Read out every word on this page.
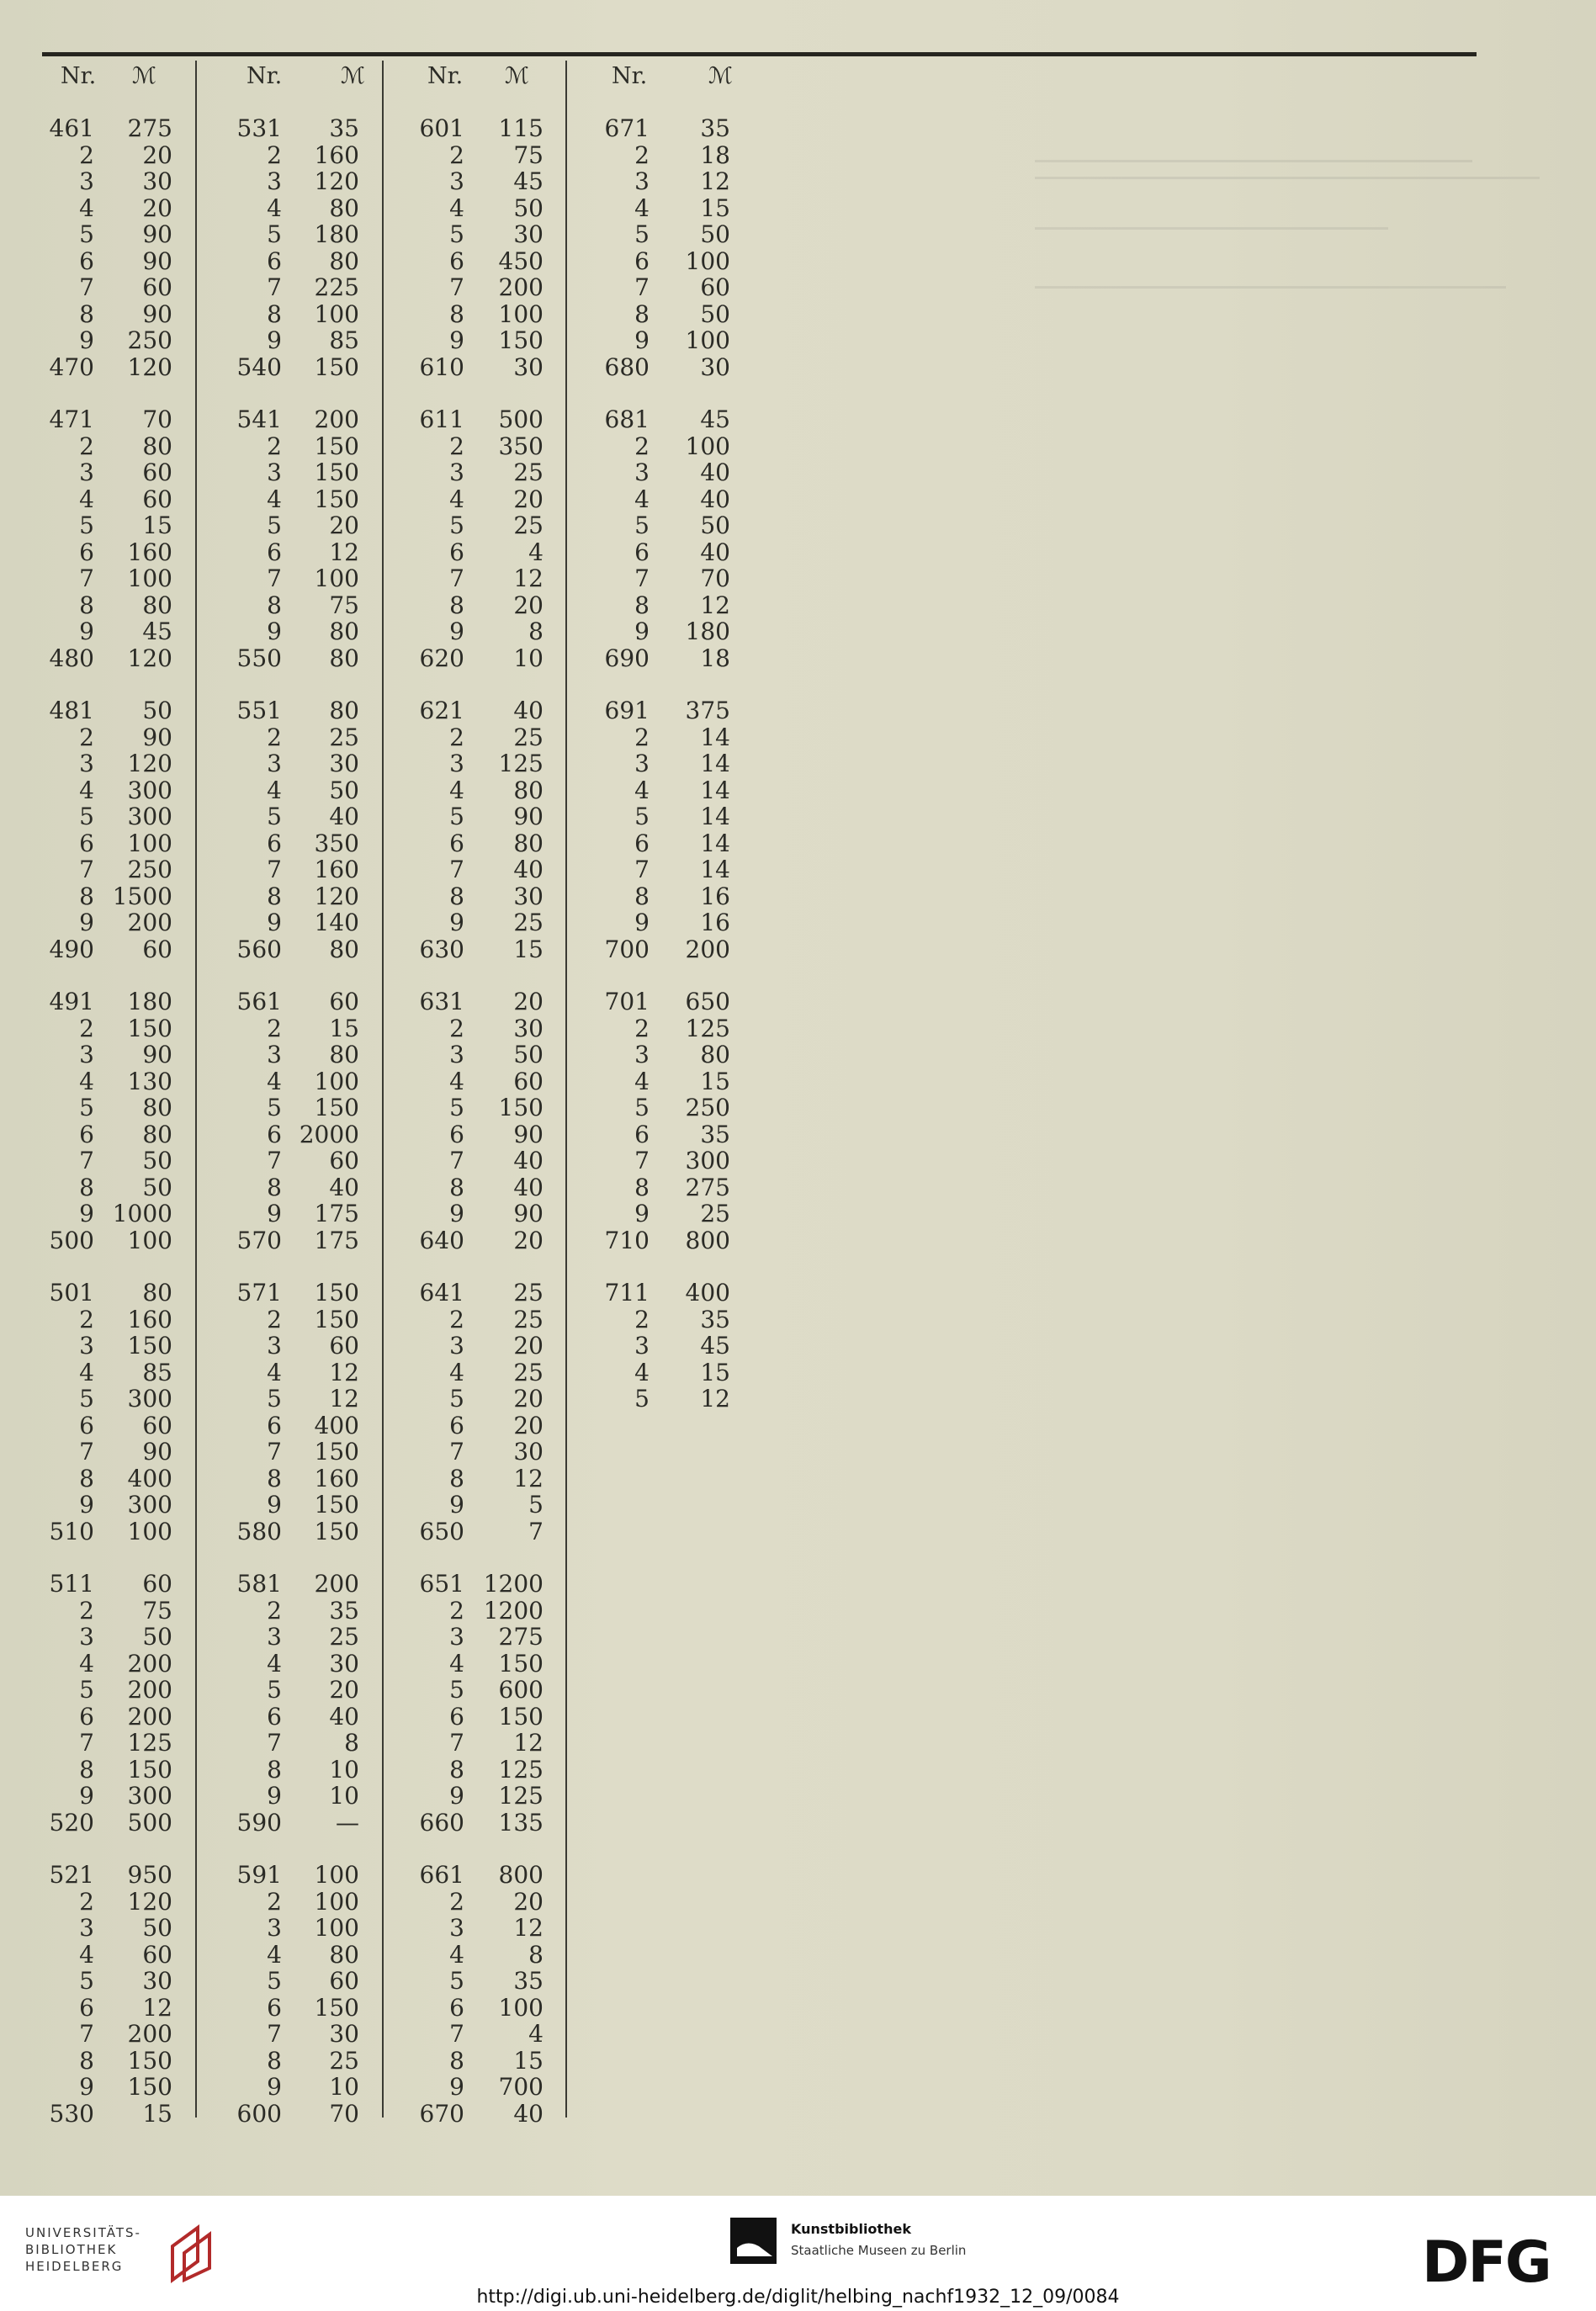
Nr. ℳ	Nr.	ℳ	Nr. ℳ	Nr.	ℳ
461	275
2	20
3	30
4	20
5	90
6	90
7	60
8	90
9	250
470	120
471	70
2	80
3	60
4	60
5	15
6	160
7	100
8	80
9	45
480	120
481	50
2	90
3	120
4	300
5	300
6	100
7	250
8 1500
9	200
490	60
491	180
2	150
3	90
4	130
5	80
6	80
7	50
8	50
9 1000
500	100
501	80
2	160
3	150
4	85
5	300
6	60
7	90
8	400
9	300
510	100
511	60
2	75
3	50
4	200
5	200
6	200
7	125
8	150
9	300
520	500
521	950
2	120
3	50
4	60
5	30
6	12
7	200
8	150
9	150
530	15
531	35
2	160
3	120
4	80
5	180
6	80
7	225
8	100
9	85
540	150
541	200
2	150
3	150
4	150
5	20
6	12
7	100
8	75
9	80
550	80
551	80
2	25
3	30
4	50
5	40
6	350
7	160
8	120
9	140
560	80
561	60
2	15
3	80
4	100
5	150
6 2000
7	60
8	40
9	175
570	175
571	150
2	150
3	60
4	12
5	12
6	400
7	150
8	160
9	150
580	150
581	200
2	35
3	25
4	30
5	20
6	40
7	8
8	10
9	10
590	—
591	100
2	100
3	100
4	80
5	60
6	150
7	30
8	25
9	10
600	70
601	115
2	75
3	45
4	50
5	30
6	450
7	200
8	100
9	150
610	30
611	500
2	350
3	25
4	20
5	25
6	4
7	12
8	20
9	8
620	10
621	40
2	25
3	125
4	80
5	90
6	80
7	40
8	30
9	25
630	15
631	20
2	30
3	50
4	60
5	150
6	90
7	40
8	40
9	90
640	20
641	25
2	25
3	20
4	25
5	20
6	20
7	30
8	12
9	5
650	7
651 1200
2 1200
3	275
4	150
5	600
6	150
7	12
8	125
9	125
660	135
661	800
2	20
3	12
4	8
5	35
6	100
7	4
8	15
9	700
670	40
671	35
2	18
3	12
4	15
5	50
6	100
7	60
8	50
9	100
680	30
681	45
2	100
3	40
4	40
5	50
6	40
7	70
8	12
9	180
690	18
691	375
2	14
3	14
4	14
5	14
6	14
7	14
8	16
9	16
700	200
701	650
2	125
3	80
4	15
5	250
6	35
7	300
8	275
9	25
710	800
711	400
2	35
3	45
4	15
5	12
UNIVERSITÄTS-
BIBLIOTHEK
HEIDELBERG
Kunstbibliothek
Staatliche Museen zu Berlin	DFG
http://digi.ub.uni-heidelberg.de/diglit/helbing_nachf1932_12_09/0084
